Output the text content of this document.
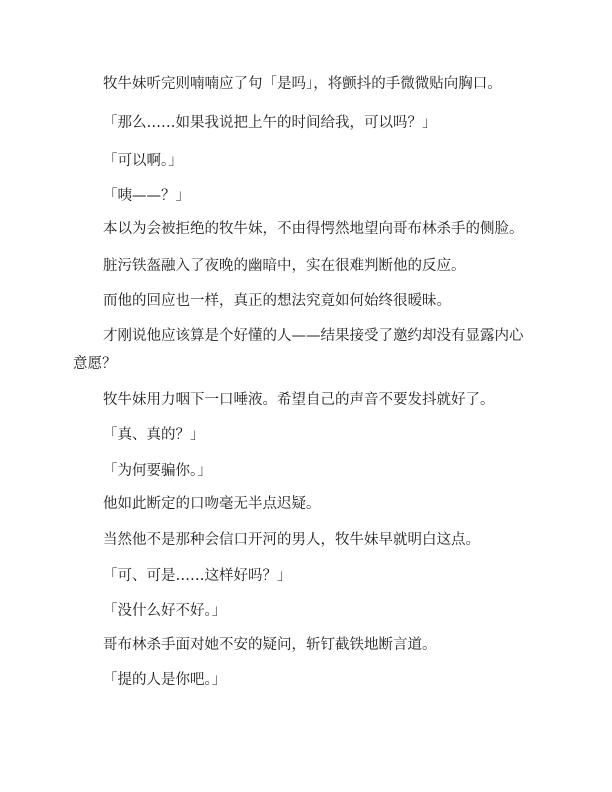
牧牛妹听完则喃喃应了句「是吗」，将颤抖的手微微贴向胸口。

「那么……如果我说把上午的时间给我，可以吗？」

「可以啊。」

「咦——？」

本以为会被拒绝的牧牛妹，不由得愕然地望向哥布林杀手的侧脸。

脏污铁盔融入了夜晚的幽暗中，实在很难判断他的反应。

而他的回应也一样，真正的想法究竟如何始终很暧昧。

才刚说他应该算是个好懂的人——结果接受了邀约却没有显露内心

意愿？

牧牛妹用力咽下一口唾液。希望自己的声音不要发抖就好了。

「真、真的？」

「为何要骗你。」

他如此断定的口吻毫无半点迟疑。

当然他不是那种会信口开河的男人，牧牛妹早就明白这点。

「可、可是……这样好吗？」

「没什么好不好。」

哥布林杀手面对她不安的疑问，斩钉截铁地断言道。

「提的人是你吧。」
